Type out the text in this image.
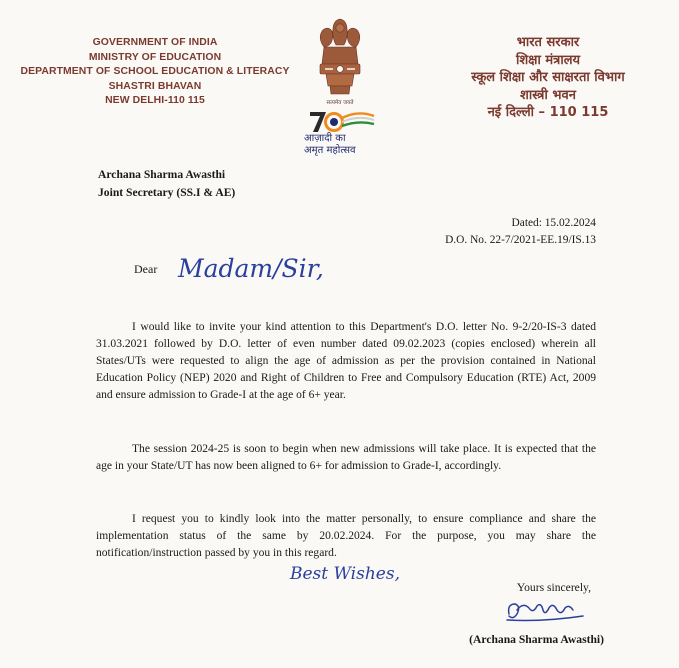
GOVERNMENT OF INDIA
MINISTRY OF EDUCATION
DEPARTMENT OF SCHOOL EDUCATION & LITERACY
SHASTRI BHAVAN
NEW DELHI-110 115	सत्यमेव जयते
भारत सरकार
शिक्षा मंत्रालय
स्कूल शिक्षा और साक्षरता विभाग
शास्त्री भवन
नई दिल्ली – 110 115
आज़ादी का
अमृत महोत्सव
Archana Sharma Awasthi
Joint Secretary (SS.I & AE)
Dated: 15.02.2024
D.O. No. 22-7/2021-EE.19/IS.13
Dear Madam/Sir,

I would like to invite your kind attention to this Department's D.O. letter No. 9-2/20-IS-3 dated 31.03.2021 followed by D.O. letter of even number dated 09.02.2023 (copies enclosed) wherein all States/UTs were requested to align the age of admission as per the provision contained in National Education Policy (NEP) 2020 and Right of Children to Free and Compulsory Education (RTE) Act, 2009 and ensure admission to Grade-I at the age of 6+ year.

The session 2024-25 is soon to begin when new admissions will take place. It is expected that the age in your State/UT has now been aligned to 6+ for admission to Grade-I, accordingly.

I request you to kindly look into the matter personally, to ensure compliance and share the implementation status of the same by 20.02.2024. For the purpose, you may share the notification/instruction passed by you in this regard.

Best Wishes,
Yours sincerely,
(Archana Sharma Awasthi)
